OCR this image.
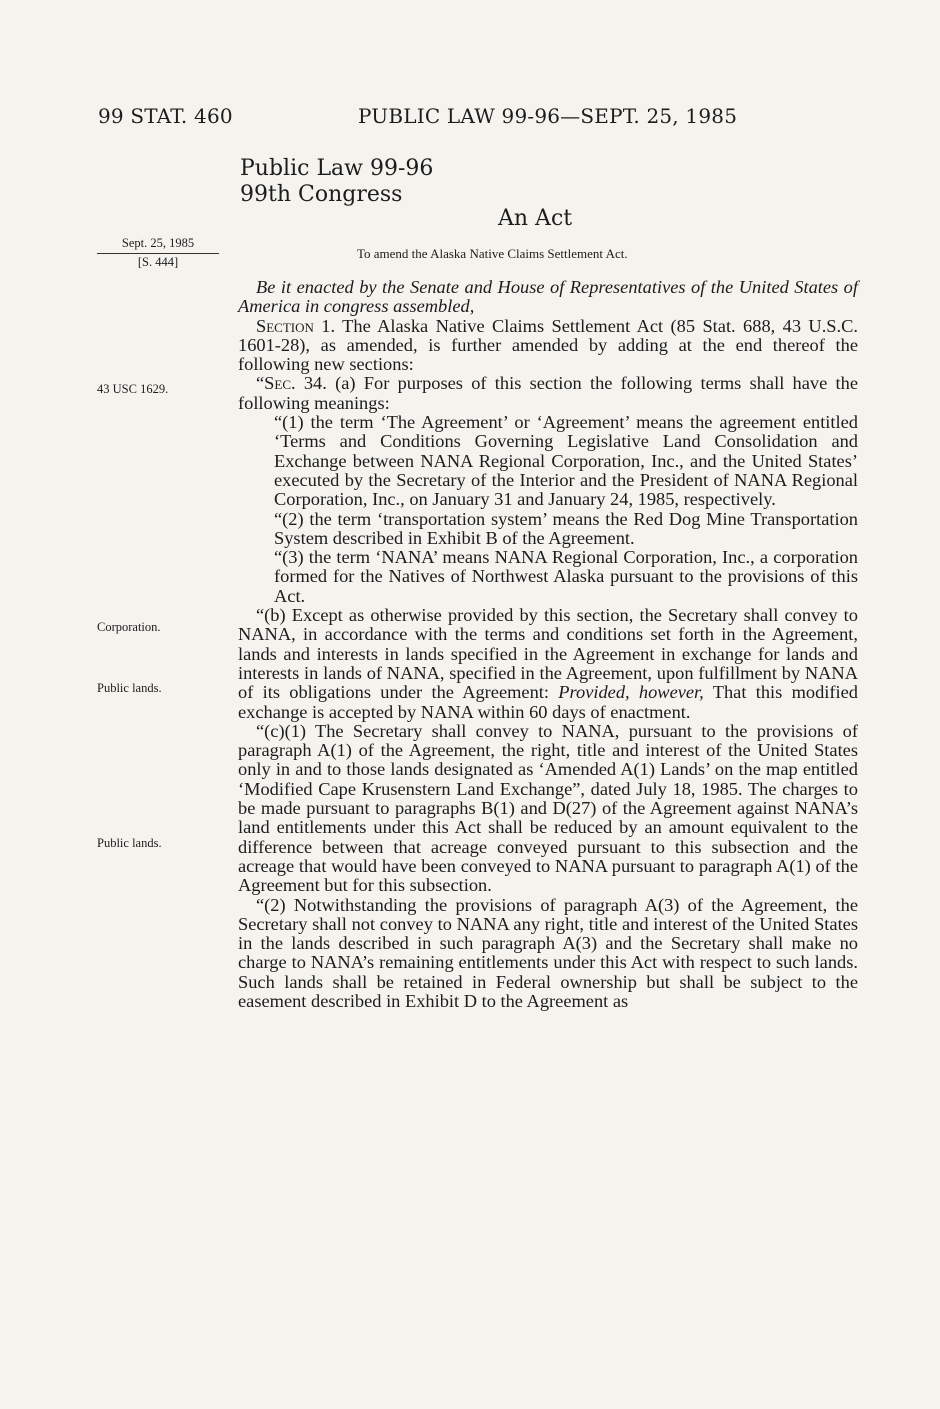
99 STAT. 460	PUBLIC LAW 99-96—SEPT. 25, 1985
Public Law 99-96
99th Congress
An Act
Sept. 25, 1985
[S. 444]
To amend the Alaska Native Claims Settlement Act.
43 USC 1629.
Corporation.
Public lands.
Public lands.

Be it enacted by the Senate and House of Representatives of the United States of America in congress assembled,

Section 1. The Alaska Native Claims Settlement Act (85 Stat. 688, 43 U.S.C. 1601-28), as amended, is further amended by adding at the end thereof the following new sections:

“Sec. 34. (a) For purposes of this section the following terms shall have the following meanings:

“(1) the term ‘The Agreement’ or ‘Agreement’ means the agreement entitled ‘Terms and Conditions Governing Legislative Land Consolidation and Exchange between NANA Regional Corporation, Inc., and the United States’ executed by the Secretary of the Interior and the President of NANA Regional Corporation, Inc., on January 31 and January 24, 1985, respectively.

“(2) the term ‘transportation system’ means the Red Dog Mine Transportation System described in Exhibit B of the Agreement.

“(3) the term ‘NANA’ means NANA Regional Corporation, Inc., a corporation formed for the Natives of Northwest Alaska pursuant to the provisions of this Act.

“(b) Except as otherwise provided by this section, the Secretary shall convey to NANA, in accordance with the terms and conditions set forth in the Agreement, lands and interests in lands specified in the Agreement in exchange for lands and interests in lands of NANA, specified in the Agreement, upon fulfillment by NANA of its obligations under the Agreement: Provided, however, That this modified exchange is accepted by NANA within 60 days of enactment.

“(c)(1) The Secretary shall convey to NANA, pursuant to the provisions of paragraph A(1) of the Agreement, the right, title and interest of the United States only in and to those lands designated as ‘Amended A(1) Lands’ on the map entitled ‘Modified Cape Krusenstern Land Exchange”, dated July 18, 1985. The charges to be made pursuant to paragraphs B(1) and D(27) of the Agreement against NANA’s land entitlements under this Act shall be reduced by an amount equivalent to the difference between that acreage conveyed pursuant to this subsection and the acreage that would have been conveyed to NANA pursuant to paragraph A(1) of the Agreement but for this subsection.

“(2) Notwithstanding the provisions of paragraph A(3) of the Agreement, the Secretary shall not convey to NANA any right, title and interest of the United States in the lands described in such paragraph A(3) and the Secretary shall make no charge to NANA’s remaining entitlements under this Act with respect to such lands. Such lands shall be retained in Federal ownership but shall be subject to the easement described in Exhibit D to the Agreement as
